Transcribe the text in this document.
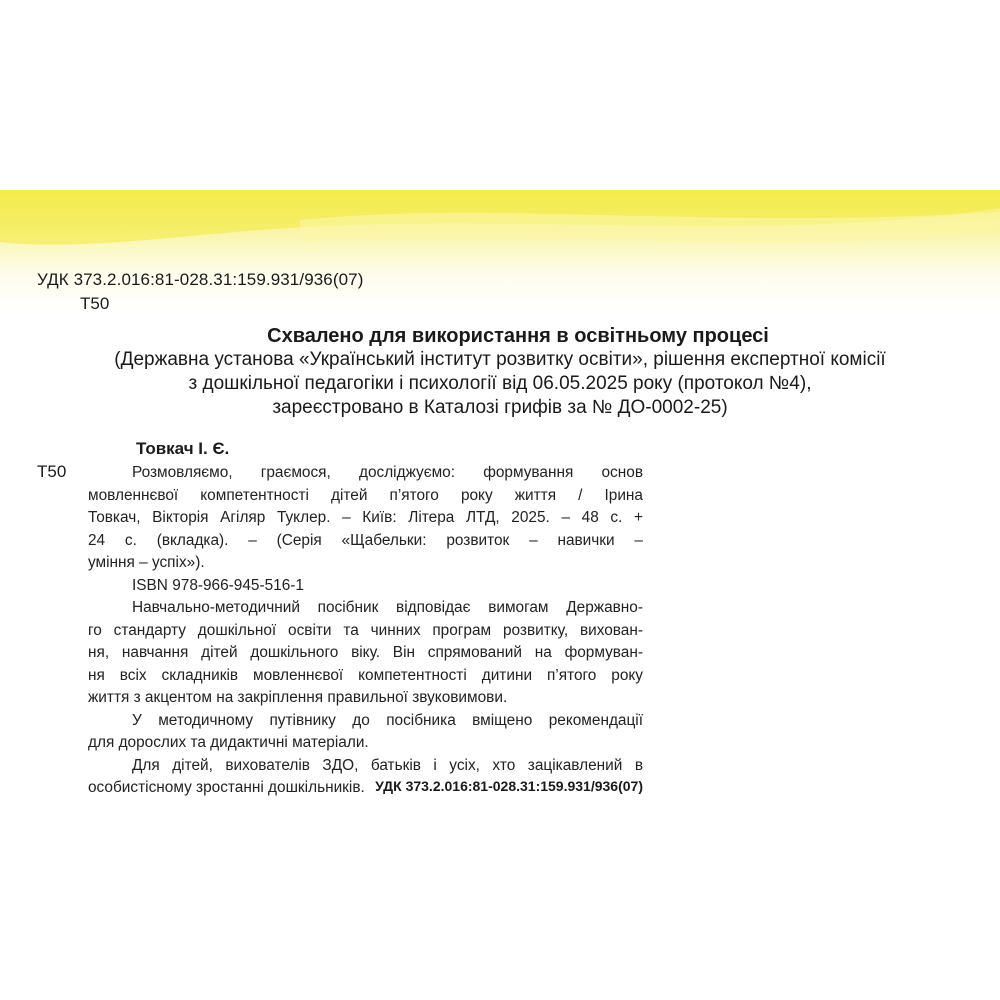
УДК 373.2.016:81-028.31:159.931/936(07)
Т50
Схвалено для використання в освітньому процесі
(Державна установа «Український інститут розвитку освіти», рішення експертної комісії
з дошкільної педагогіки і психології від 06.05.2025 року (протокол №4),
зареєстровано в Каталозі грифів за № ДО-0002-25)
Товкач І. Є.
Т50	Розмовляємо, граємося, досліджуємо: формування основ

мовленнєвої компетентності дітей п’ятого року життя / Ірина

Товкач, Вікторія Агіляр Туклер. – Київ: Літера ЛТД, 2025. – 48 с. +

24 с. (вкладка). – (Серія «Щабельки: розвиток – навички –

уміння – успіх»).

ISBN 978-966-945-516-1

Навчально-методичний посібник відповідає вимогам Державно-

го стандарту дошкільної освіти та чинних програм розвитку, вихован-

ня, навчання дітей дошкільного віку. Він спрямований на формуван-

ня всіх складників мовленнєвої компетентності дитини п’ятого року

життя з акцентом на закріплення правильної звуковимови.

У методичному путівнику до посібника вміщено рекомендації

для дорослих та дидактичні матеріали.

Для дітей, вихователів ЗДО, батьків і усіх, хто зацікавлений в

особистісному зростанні дошкільників. УДК 373.2.016:81-028.31:159.931/936(07)
